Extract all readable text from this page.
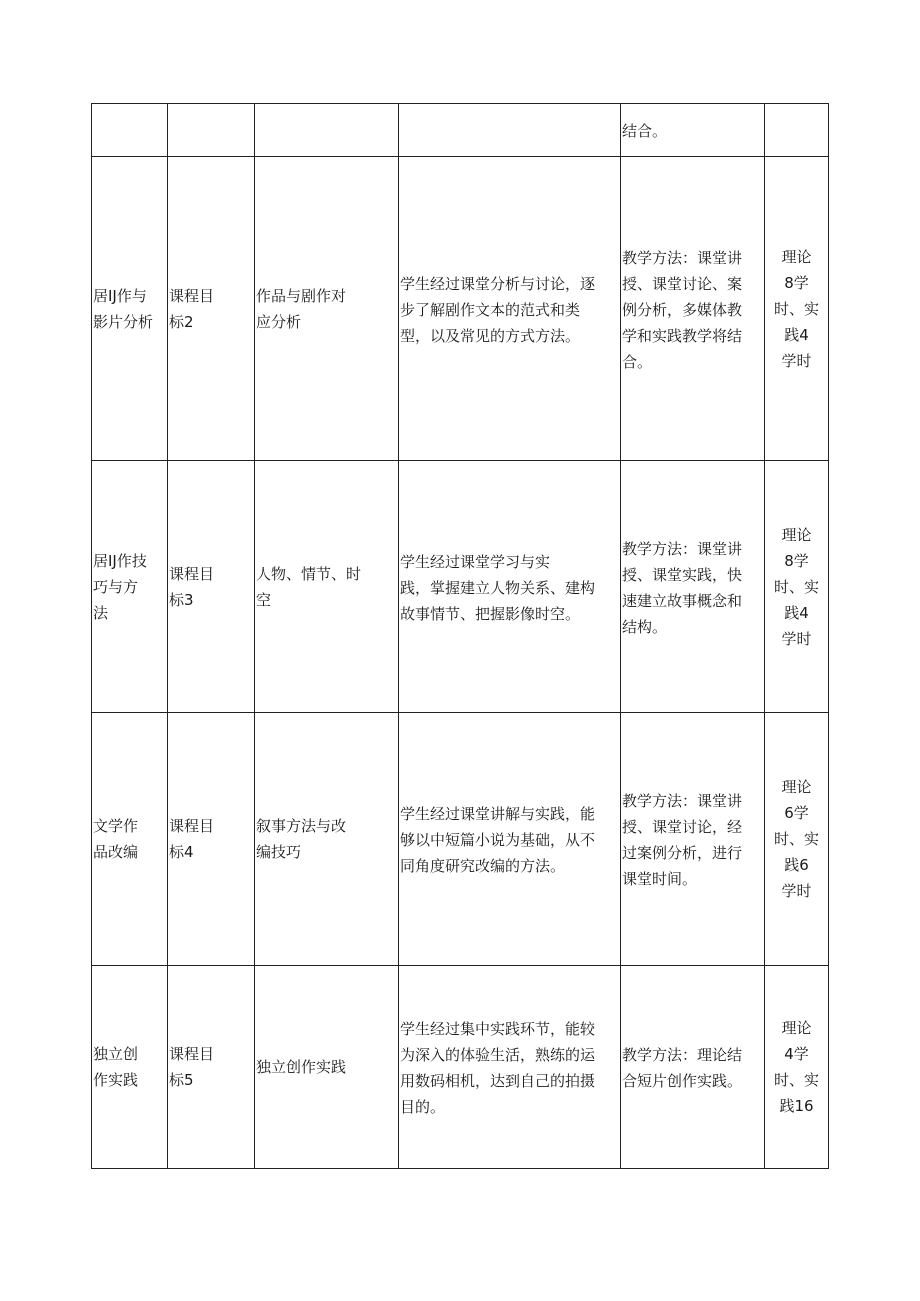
				结合。	

居IJ作与
影片分析	课程目
标2	作品与剧作对
应分析	学生经过课堂分析与讨论，逐
步了解剧作文本的范式和类
型，以及常见的方式方法。	教学方法：课堂讲
授、课堂讨论、案
例分析，多媒体教
学和实践教学将结
合。	理论
8学
时、实
践4
学时

居IJ作技
巧与方
法	课程目
标3	人物、情节、时
空	学生经过课堂学习与实
践，掌握建立人物关系、建构
故事情节、把握影像时空。	教学方法：课堂讲
授、课堂实践，快
速建立故事概念和
结构。	理论
8学
时、实
践4
学时

文学作
品改编	课程目
标4	叙事方法与改
编技巧	学生经过课堂讲解与实践，能
够以中短篇小说为基础，从不
同角度研究改编的方法。	教学方法：课堂讲
授、课堂讨论，经
过案例分析，进行
课堂时间。	理论
6学
时、实
践6
学时

独立创
作实践	课程目
标5	独立创作实践	学生经过集中实践环节，能较
为深入的体验生活，熟练的运
用数码相机，达到自己的拍摄
目的。	教学方法：理论结
合短片创作实践。	理论
4学
时、实
践16
